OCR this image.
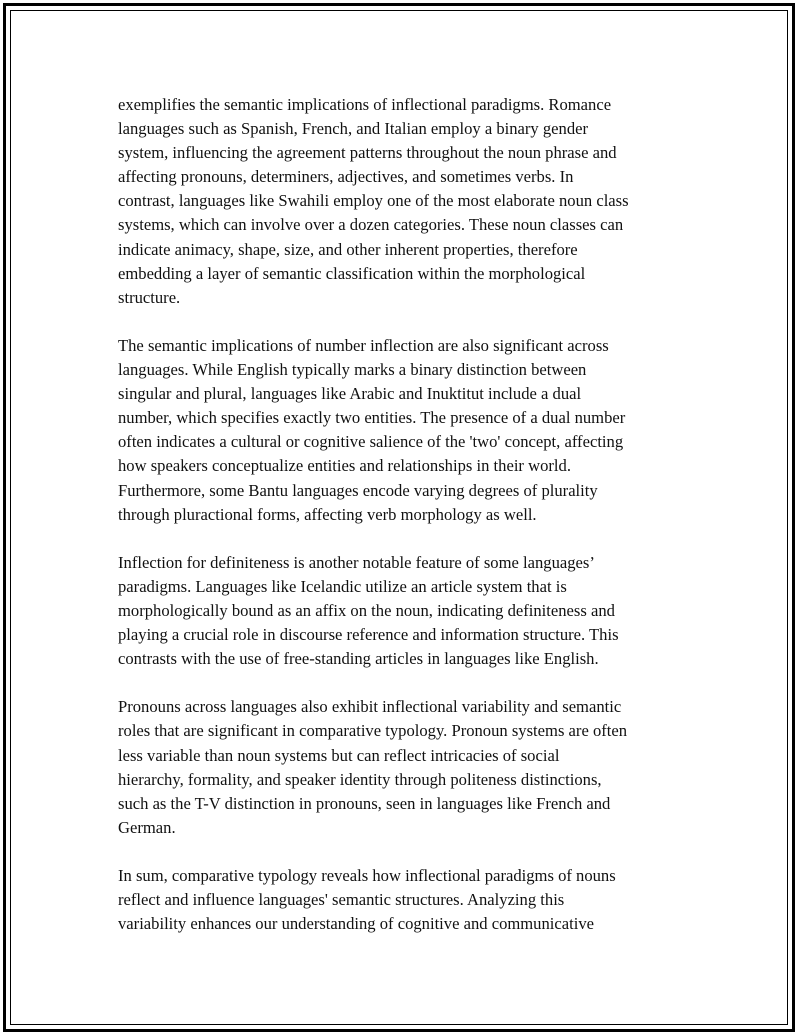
exemplifies the semantic implications of inflectional paradigms. Romance
languages such as Spanish, French, and Italian employ a binary gender
system, influencing the agreement patterns throughout the noun phrase and
affecting pronouns, determiners, adjectives, and sometimes verbs. In
contrast, languages like Swahili employ one of the most elaborate noun class
systems, which can involve over a dozen categories. These noun classes can
indicate animacy, shape, size, and other inherent properties, therefore
embedding a layer of semantic classification within the morphological
structure.

The semantic implications of number inflection are also significant across
languages. While English typically marks a binary distinction between
singular and plural, languages like Arabic and Inuktitut include a dual
number, which specifies exactly two entities. The presence of a dual number
often indicates a cultural or cognitive salience of the 'two' concept, affecting
how speakers conceptualize entities and relationships in their world.
Furthermore, some Bantu languages encode varying degrees of plurality
through pluractional forms, affecting verb morphology as well.

Inflection for definiteness is another notable feature of some languages’
paradigms. Languages like Icelandic utilize an article system that is
morphologically bound as an affix on the noun, indicating definiteness and
playing a crucial role in discourse reference and information structure. This
contrasts with the use of free-standing articles in languages like English.

Pronouns across languages also exhibit inflectional variability and semantic
roles that are significant in comparative typology. Pronoun systems are often
less variable than noun systems but can reflect intricacies of social
hierarchy, formality, and speaker identity through politeness distinctions,
such as the T-V distinction in pronouns, seen in languages like French and
German.

In sum, comparative typology reveals how inflectional paradigms of nouns
reflect and influence languages' semantic structures. Analyzing this
variability enhances our understanding of cognitive and communicative
